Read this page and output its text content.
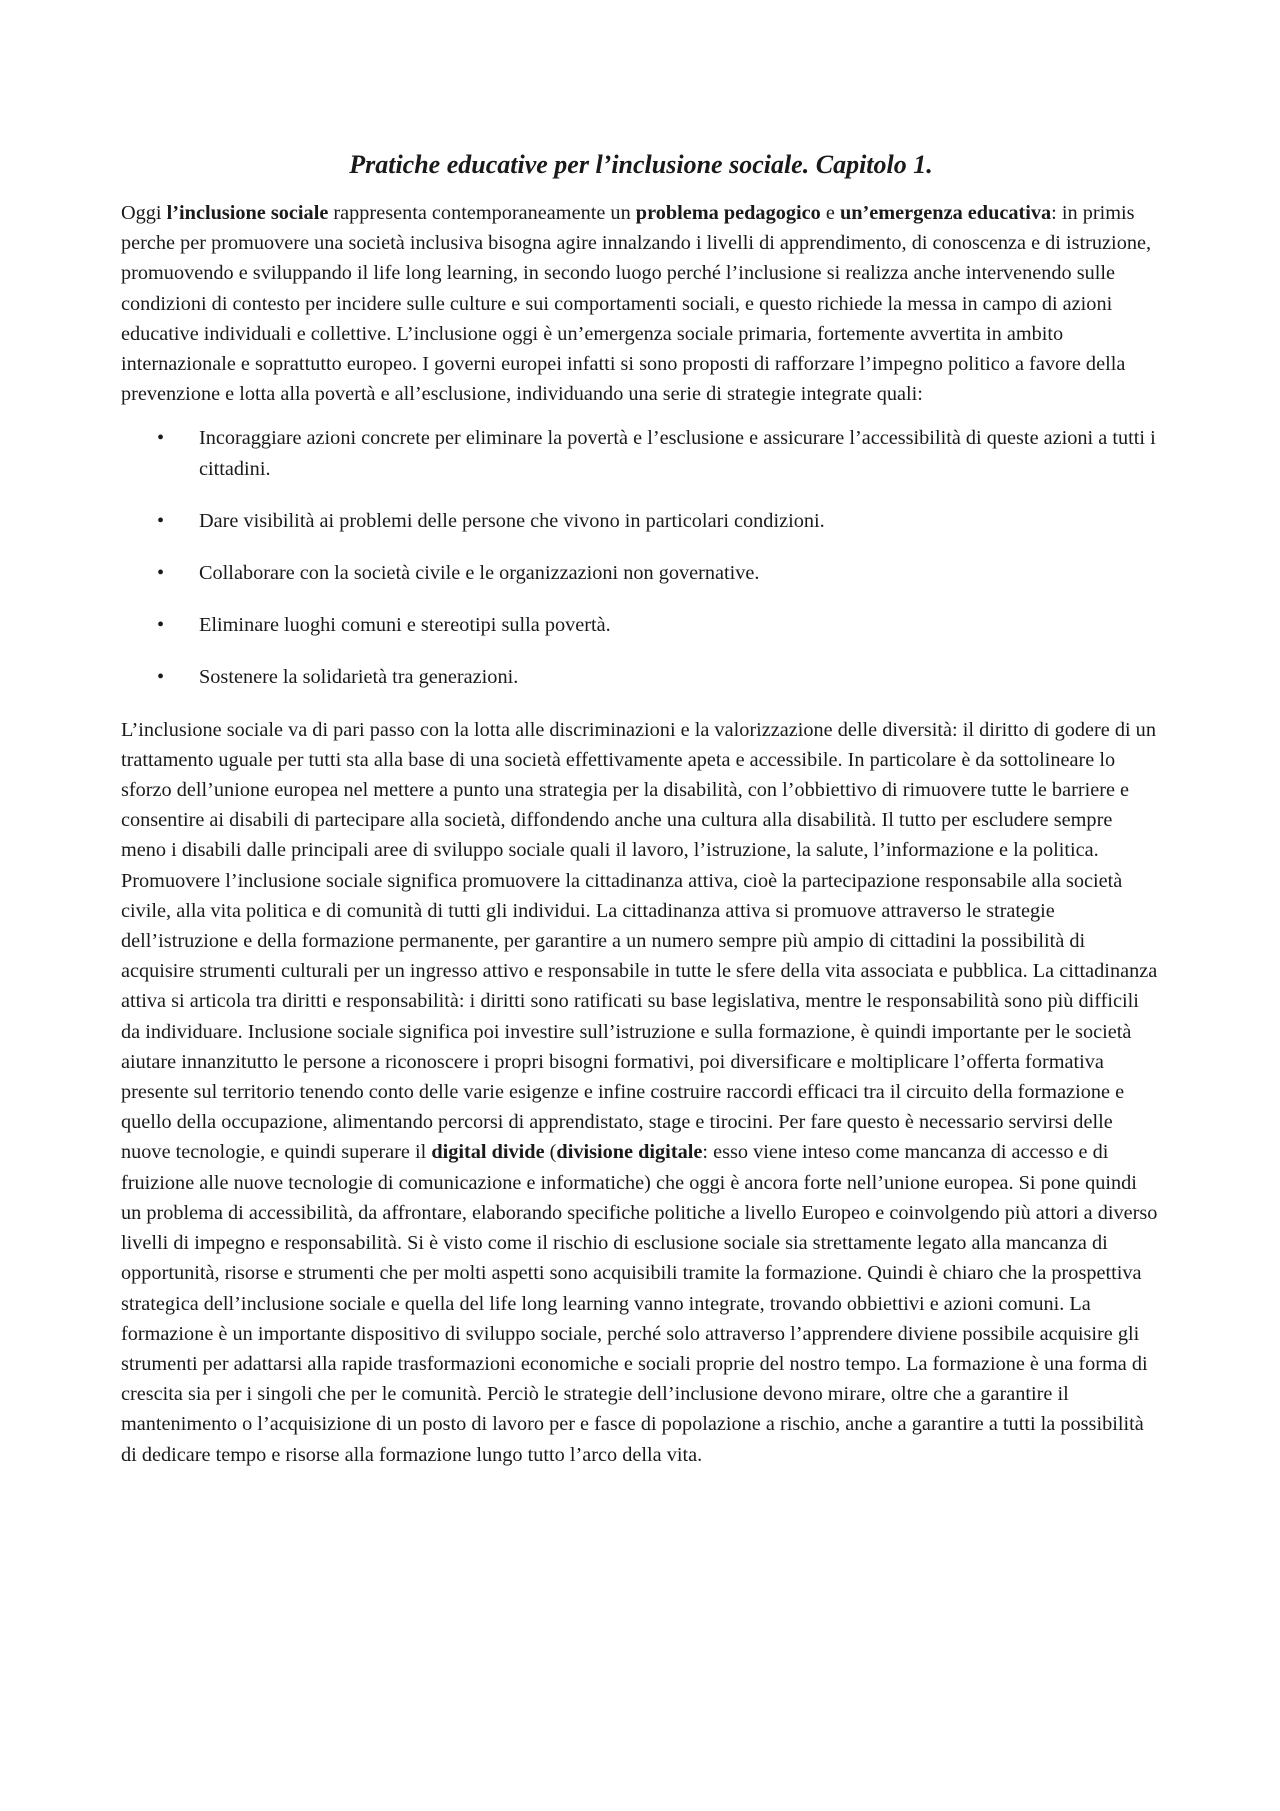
Pratiche educative per l’inclusione sociale. Capitolo 1.

Oggi l’inclusione sociale rappresenta contemporaneamente un problema pedagogico e un’emergenza educativa: in primis perche per promuovere una società inclusiva bisogna agire innalzando i livelli di apprendimento, di conoscenza e di istruzione, promuovendo e sviluppando il life long learning, in secondo luogo perché l’inclusione si realizza anche intervenendo sulle condizioni di contesto per incidere sulle culture e sui comportamenti sociali, e questo richiede la messa in campo di azioni educative individuali e collettive. L’inclusione oggi è un’emergenza sociale primaria, fortemente avvertita in ambito internazionale e soprattutto europeo. I governi europei infatti si sono proposti di rafforzare l’impegno politico a favore della prevenzione e lotta alla povertà e all’esclusione, individuando una serie di strategie integrate quali:

• Incoraggiare azioni concrete per eliminare la povertà e l’esclusione e assicurare l’accessibilità di queste azioni a tutti i cittadini.
• Dare visibilità ai problemi delle persone che vivono in particolari condizioni.
• Collaborare con la società civile e le organizzazioni non governative.
• Eliminare luoghi comuni e stereotipi sulla povertà.
• Sostenere la solidarietà tra generazioni.

L’inclusione sociale va di pari passo con la lotta alle discriminazioni e la valorizzazione delle diversità: il diritto di godere di un trattamento uguale per tutti sta alla base di una società effettivamente apeta e accessibile. In particolare è da sottolineare lo sforzo dell’unione europea nel mettere a punto una strategia per la disabilità, con l’obbiettivo di rimuovere tutte le barriere e consentire ai disabili di partecipare alla società, diffondendo anche una cultura alla disabilità. Il tutto per escludere sempre meno i disabili dalle principali aree di sviluppo sociale quali il lavoro, l’istruzione, la salute, l’informazione e la politica. Promuovere l’inclusione sociale significa promuovere la cittadinanza attiva, cioè la partecipazione responsabile alla società civile, alla vita politica e di comunità di tutti gli individui. La cittadinanza attiva si promuove attraverso le strategie dell’istruzione e della formazione permanente, per garantire a un numero sempre più ampio di cittadini la possibilità di acquisire strumenti culturali per un ingresso attivo e responsabile in tutte le sfere della vita associata e pubblica. La cittadinanza attiva si articola tra diritti e responsabilità: i diritti sono ratificati su base legislativa, mentre le responsabilità sono più difficili da individuare. Inclusione sociale significa poi investire sull’istruzione e sulla formazione, è quindi importante per le società aiutare innanzitutto le persone a riconoscere i propri bisogni formativi, poi diversificare e moltiplicare l’offerta formativa presente sul territorio tenendo conto delle varie esigenze e infine costruire raccordi efficaci tra il circuito della formazione e quello della occupazione, alimentando percorsi di apprendistato, stage e tirocini. Per fare questo è necessario servirsi delle nuove tecnologie, e quindi superare il digital divide (divisione digitale: esso viene inteso come mancanza di accesso e di fruizione alle nuove tecnologie di comunicazione e informatiche) che oggi è ancora forte nell’unione europea. Si pone quindi un problema di accessibilità, da affrontare, elaborando specifiche politiche a livello Europeo e coinvolgendo più attori a diverso livelli di impegno e responsabilità. Si è visto come il rischio di esclusione sociale sia strettamente legato alla mancanza di opportunità, risorse e strumenti che per molti aspetti sono acquisibili tramite la formazione. Quindi è chiaro che la prospettiva strategica dell’inclusione sociale e quella del life long learning vanno integrate, trovando obbiettivi e azioni comuni. La formazione è un importante dispositivo di sviluppo sociale, perché solo attraverso l’apprendere diviene possibile acquisire gli strumenti per adattarsi alla rapide trasformazioni economiche e sociali proprie del nostro tempo. La formazione è una forma di crescita sia per i singoli che per le comunità. Perciò le strategie dell’inclusione devono mirare, oltre che a garantire il mantenimento o l’acquisizione di un posto di lavoro per e fasce di popolazione a rischio, anche a garantire a tutti la possibilità di dedicare tempo e risorse alla formazione lungo tutto l’arco della vita.
